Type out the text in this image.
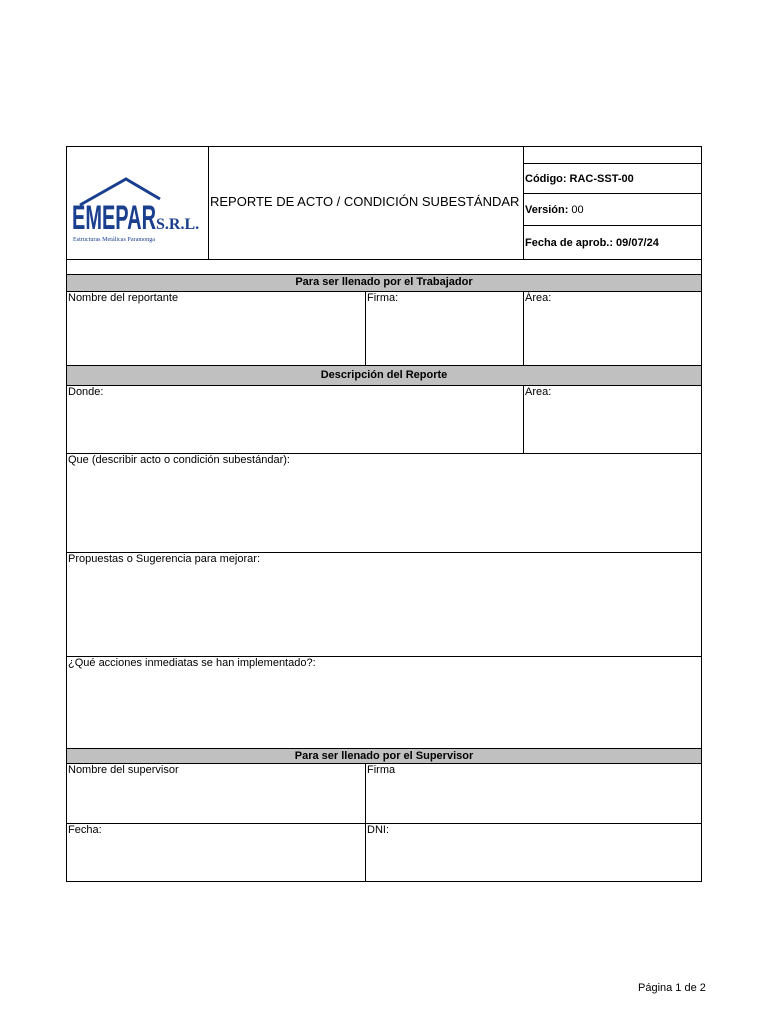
EMEPAR S.R.L.
Estructuras Metálicas Paramonga
REPORTE DE ACTO / CONDICIÓN SUBESTÁNDAR
Código: RAC-SST-00
Versión: 00
Fecha de aprob.: 09/07/24
Para ser llenado por el Trabajador
Nombre del reportante	Firma:	Área:
Descripción del Reporte
Donde:	Area:
Que (describir acto o condición subestándar):
Propuestas o Sugerencia para mejorar:
¿Qué acciones inmediatas se han implementado?:
Para ser llenado por el Supervisor
Nombre del supervisor	Firma
Fecha:	DNI:
Página 1 de 2
